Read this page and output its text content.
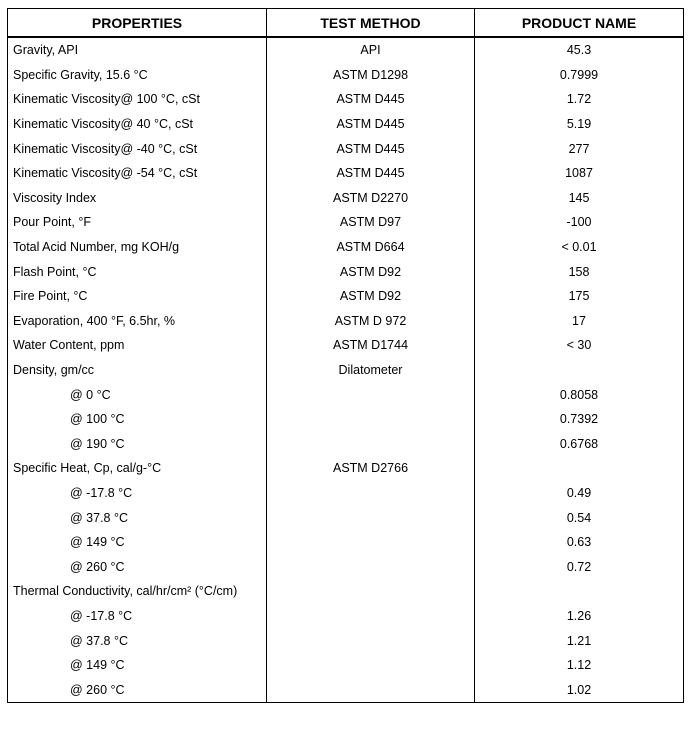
PROPERTIES	TEST METHOD	PRODUCT NAME
Gravity, API	API	45.3
Specific Gravity, 15.6 °C	ASTM D1298	0.7999
Kinematic Viscosity@ 100 °C, cSt	ASTM D445	1.72
Kinematic Viscosity@ 40 °C, cSt	ASTM D445	5.19
Kinematic Viscosity@ -40 °C, cSt	ASTM D445	277
Kinematic Viscosity@ -54 °C, cSt	ASTM D445	1087
Viscosity Index	ASTM D2270	145
Pour Point, °F	ASTM D97	-100
Total Acid Number, mg KOH/g	ASTM D664	< 0.01
Flash Point, °C	ASTM D92	158
Fire Point, °C	ASTM D92	175
Evaporation, 400 °F, 6.5hr, %	ASTM D 972	17
Water Content, ppm	ASTM D1744	< 30
Density, gm/cc	Dilatometer	
@ 0 °C		0.8058
@ 100 °C		0.7392
@ 190 °C		0.6768
Specific Heat, Cp, cal/g-°C	ASTM D2766	
@ -17.8 °C		0.49
@ 37.8 °C		0.54
@ 149 °C		0.63
@ 260 °C		0.72
Thermal Conductivity, cal/hr/cm² (°C/cm)		
@ -17.8 °C		1.26
@ 37.8 °C		1.21
@ 149 °C		1.12
@ 260 °C		1.02
